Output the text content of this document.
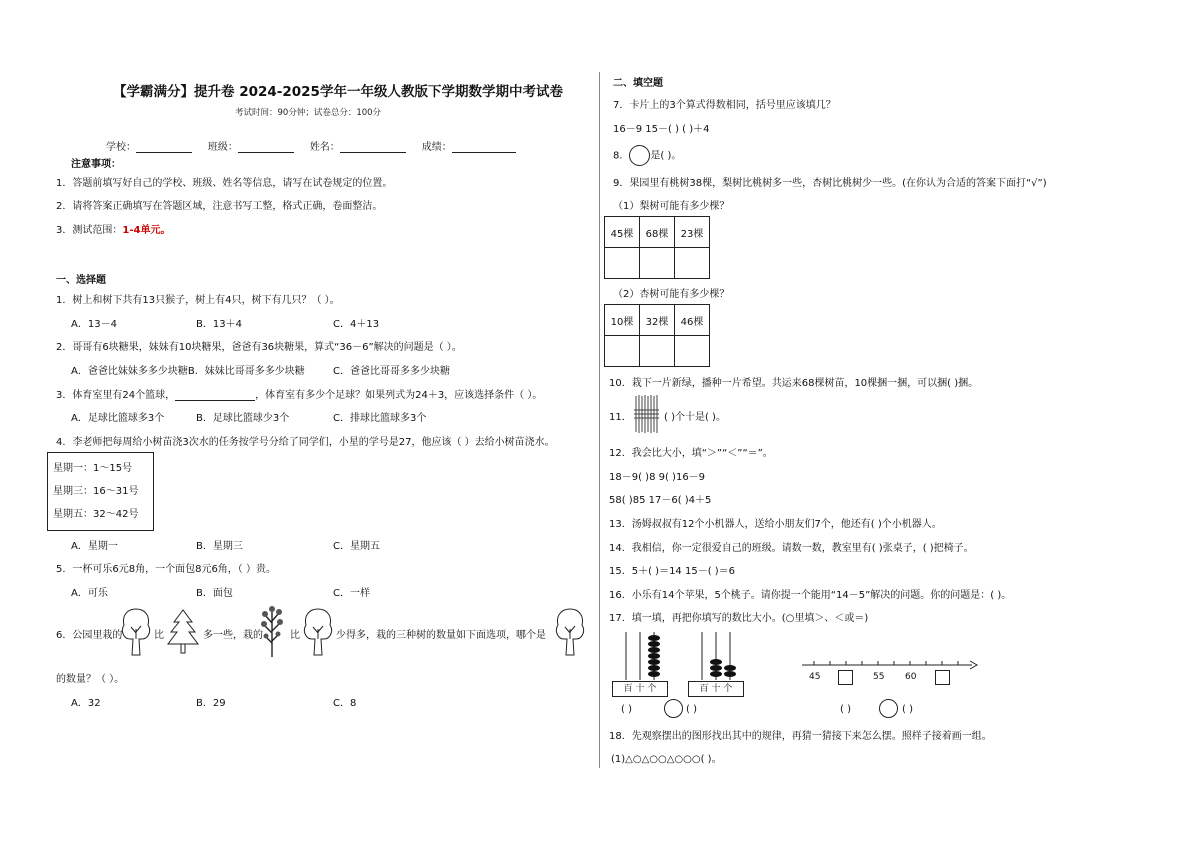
【学霸满分】提升卷 2024-2025学年一年级人教版下学期数学期中考试卷
考试时间：90分钟；试卷总分：100分
学校：	班级：	姓名：	成绩：
注意事项：
1．答题前填写好自己的学校、班级、姓名等信息，请写在试卷规定的位置。
2．请将答案正确填写在答题区域，注意书写工整，格式正确，卷面整洁。
3．测试范围：1-4单元。
一、选择题
1．树上和树下共有13只猴子，树上有4只，树下有几只？（ ）。
A．13－4	B．13＋4	C．4＋13
2．哥哥有6块糖果，妹妹有10块糖果，爸爸有36块糖果，算式“36－6”解决的问题是（ ）。
A．爸爸比妹妹多多少块糖B．妹妹比哥哥多多少块糖	C．爸爸比哥哥多多少块糖
3．体育室里有24个篮球，	，体育室有多少个足球？如果列式为24＋3，应该选择条件（ ）。
A．足球比篮球多3个	B．足球比篮球少3个	C．排球比篮球多3个
4．李老师把每周给小树苗浇3次水的任务按学号分给了同学们，小星的学号是27，他应该（ ）去给小树苗浇水。
星期一：1～15号
星期三：16～31号
星期五：32～42号
A．星期一	B．星期三	C．星期五
5．一杯可乐6元8角，一个面包8元6角，（ ）贵。
A．可乐	B．面包	C．一样
6．公园里栽的	比	多一些，栽的	比	少得多，栽的三种树的数量如下面选项，哪个是
的数量？（ ）。
A．32	B．29	C．8
二、填空题
7．卡片上的3个算式得数相同，括号里应该填几？
16－9 15－( ) ( )＋4
8． 是( )。
9．果园里有桃树38棵，梨树比桃树多一些，杏树比桃树少一些。(在你认为合适的答案下面打“√”)
（1）梨树可能有多少棵？
45棵	68棵	23棵

（2）杏树可能有多少棵？
10棵	32棵	46棵

10．栽下一片新绿，播种一片希望。共运来68棵树苗，10棵捆一捆，可以捆( )捆。
11．	( )个十是( )。
12．我会比大小，填“＞”“＜”“＝”。
18－9( )8 9( )16－9
58( )85 17－6( )4＋5
13．汤姆叔叔有12个小机器人，送给小朋友们7个，他还有( )个小机器人。
14．我相信，你一定很爱自己的班级。请数一数，教室里有( )张桌子，( )把椅子。
15．5＋( )＝14 15－( )＝6
16．小乐有14个苹果，5个桃子。请你提一个能用“14－5”解决的问题。你的问题是：( )。
17．填一填，再把你填写的数比大小。(○里填＞、＜或＝)
百 十 个
( )	( )
百 十 个
45	55 60
( )	( )
18．先观察摆出的图形找出其中的规律，再猜一猜接下来怎么摆。照样子接着画一组。
(1)△○△○○△○○○( )。
